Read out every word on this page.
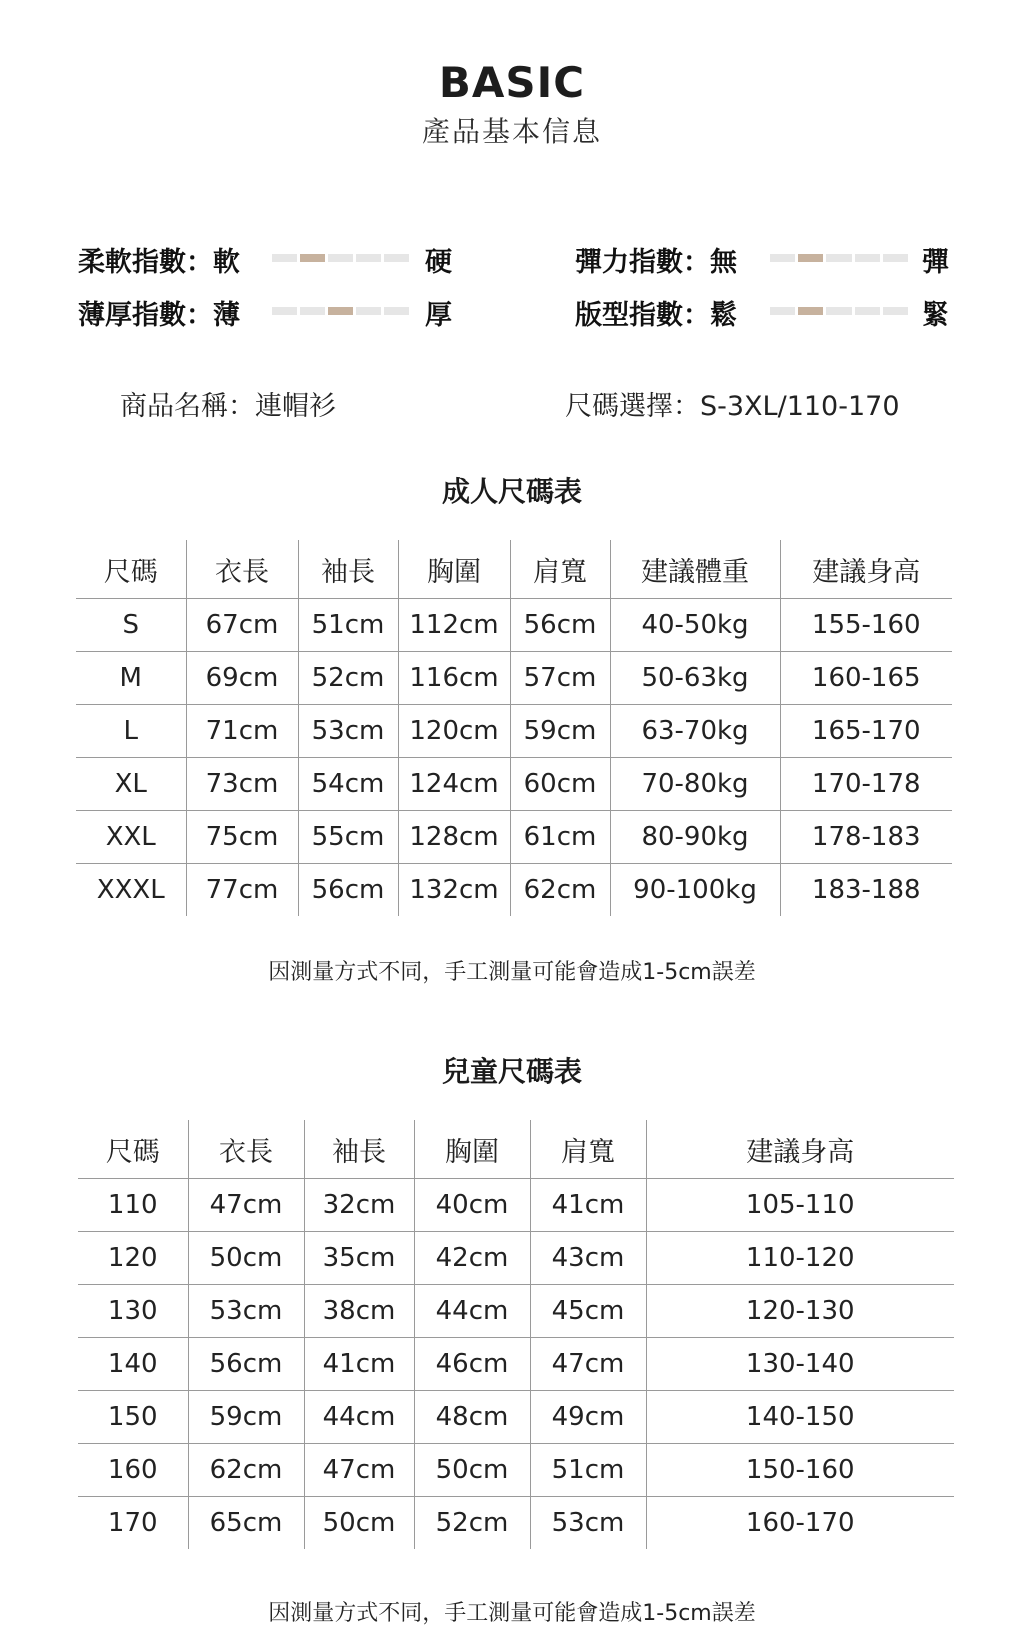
BASIC
產品基本信息
柔軟指數：軟	硬	彈力指數：無	彈
薄厚指數：薄	厚	版型指數：鬆	緊
商品名稱：連帽衫	尺碼選擇：S-3XL/110-170
成人尺碼表
尺碼	衣長	袖長	胸圍	肩寬	建議體重	建議身高
S	67cm	51cm	112cm	56cm	40-50kg	155-160
M	69cm	52cm	116cm	57cm	50-63kg	160-165
L	71cm	53cm	120cm	59cm	63-70kg	165-170
XL	73cm	54cm	124cm	60cm	70-80kg	170-178
XXL	75cm	55cm	128cm	61cm	80-90kg	178-183
XXXL	77cm	56cm	132cm	62cm	90-100kg	183-188
因測量方式不同，手工測量可能會造成1-5cm誤差
兒童尺碼表
尺碼	衣長	袖長	胸圍	肩寬	建議身高
110	47cm	32cm	40cm	41cm	105-110
120	50cm	35cm	42cm	43cm	110-120
130	53cm	38cm	44cm	45cm	120-130
140	56cm	41cm	46cm	47cm	130-140
150	59cm	44cm	48cm	49cm	140-150
160	62cm	47cm	50cm	51cm	150-160
170	65cm	50cm	52cm	53cm	160-170
因測量方式不同，手工測量可能會造成1-5cm誤差
